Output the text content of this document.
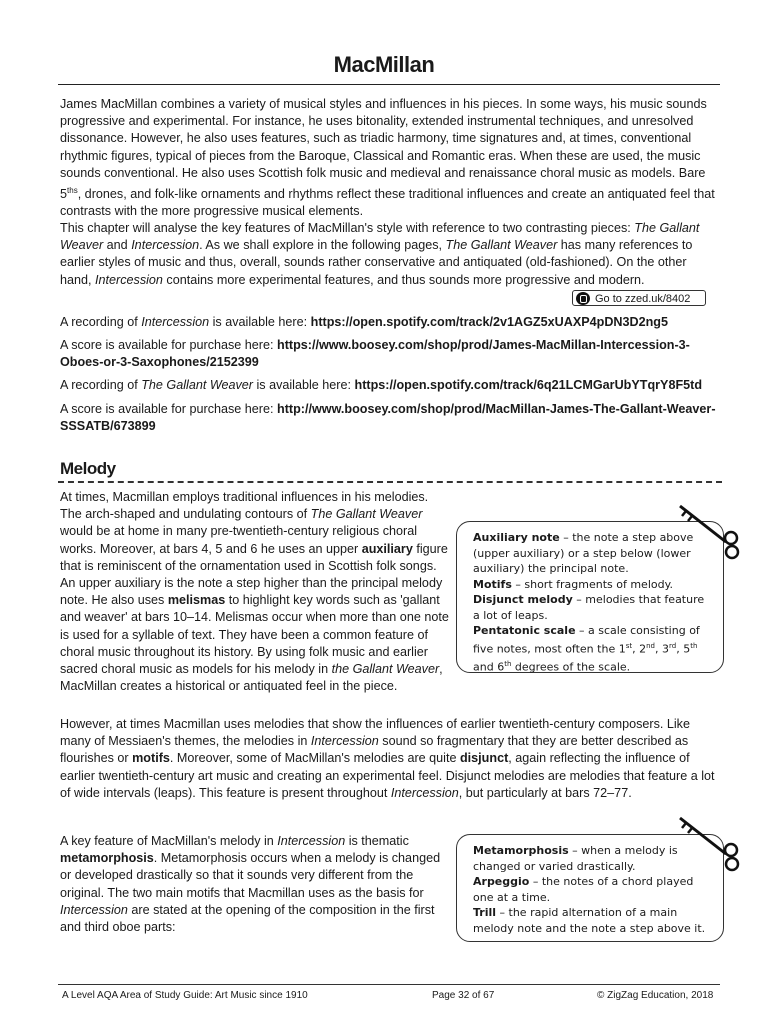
MacMillan
James MacMillan combines a variety of musical styles and influences in his pieces. In some ways, his music sounds progressive and experimental. For instance, he uses bitonality, extended instrumental techniques, and unresolved dissonance. However, he also uses features, such as triadic harmony, time signatures and, at times, conventional rhythmic figures, typical of pieces from the Baroque, Classical and Romantic eras. When these are used, the music sounds conventional. He also uses Scottish folk music and medieval and renaissance choral music as models. Bare $5^{ths}$, drones, and folk-like ornaments and rhythms reflect these traditional influences and create an antiquated feel that contrasts with the more progressive musical elements.
This chapter will analyse the key features of MacMillan's style with reference to two contrasting pieces: The Gallant Weaver and Intercession. As we shall explore in the following pages, The Gallant Weaver has many references to earlier styles of music and thus, overall, sounds rather conservative and antiquated (old-fashioned). On the other hand, Intercession contains more experimental features, and thus sounds more progressive and modern.
Go to zzed.uk/8402
A recording of Intercession is available here: https://open.spotify.com/track/2v1AGZ5xUAXP4pDN3D2ng5
A score is available for purchase here: https://www.boosey.com/shop/prod/James-MacMillan-Intercession-3-Oboes-or-3-Saxophones/2152399
A recording of The Gallant Weaver is available here: https://open.spotify.com/track/6q21LCMGarUbYTqrY8F5td
A score is available for purchase here: http://www.boosey.com/shop/prod/MacMillan-James-The-Gallant-Weaver-SSSATB/673899
Melody
At times, Macmillan employs traditional influences in his melodies. The arch-shaped and undulating contours of The Gallant Weaver would be at home in many pre-twentieth-century religious choral works. Moreover, at bars 4, 5 and 6 he uses an upper auxiliary figure that is reminiscent of the ornamentation used in Scottish folk songs. An upper auxiliary is the note a step higher than the principal melody note. He also uses melismas to highlight key words such as 'gallant and weaver' at bars 10–14. Melismas occur when more than one note is used for a syllable of text. They have been a common feature of choral music throughout its history. By using folk music and earlier sacred choral music as models for his melody in the Gallant Weaver, MacMillan creates a historical or antiquated feel in the piece.
Auxiliary note – the note a step above (upper auxiliary) or a step below (lower auxiliary) the principal note.
Motifs – short fragments of melody.
Disjunct melody – melodies that feature a lot of leaps.
Pentatonic scale – a scale consisting of five notes, most often the 1st, 2nd, 3rd, 5th and 6th degrees of the scale.
However, at times Macmillan uses melodies that show the influences of earlier twentieth-century composers. Like many of Messiaen's themes, the melodies in Intercession sound so fragmentary that they are better described as flourishes or motifs. Moreover, some of MacMillan's melodies are quite disjunct, again reflecting the influence of earlier twentieth-century art music and creating an experimental feel. Disjunct melodies are melodies that feature a lot of wide intervals (leaps). This feature is present throughout Intercession, but particularly at bars 72–77.
A key feature of MacMillan's melody in Intercession is thematic metamorphosis. Metamorphosis occurs when a melody is changed or developed drastically so that it sounds very different from the original. The two main motifs that Macmillan uses as the basis for Intercession are stated at the opening of the composition in the first and third oboe parts:
Metamorphosis – when a melody is changed or varied drastically.
Arpeggio – the notes of a chord played one at a time.
Trill – the rapid alternation of a main melody note and the note a step above it.
A Level AQA Area of Study Guide: Art Music since 1910	Page 32 of 67	© ZigZag Education, 2018
